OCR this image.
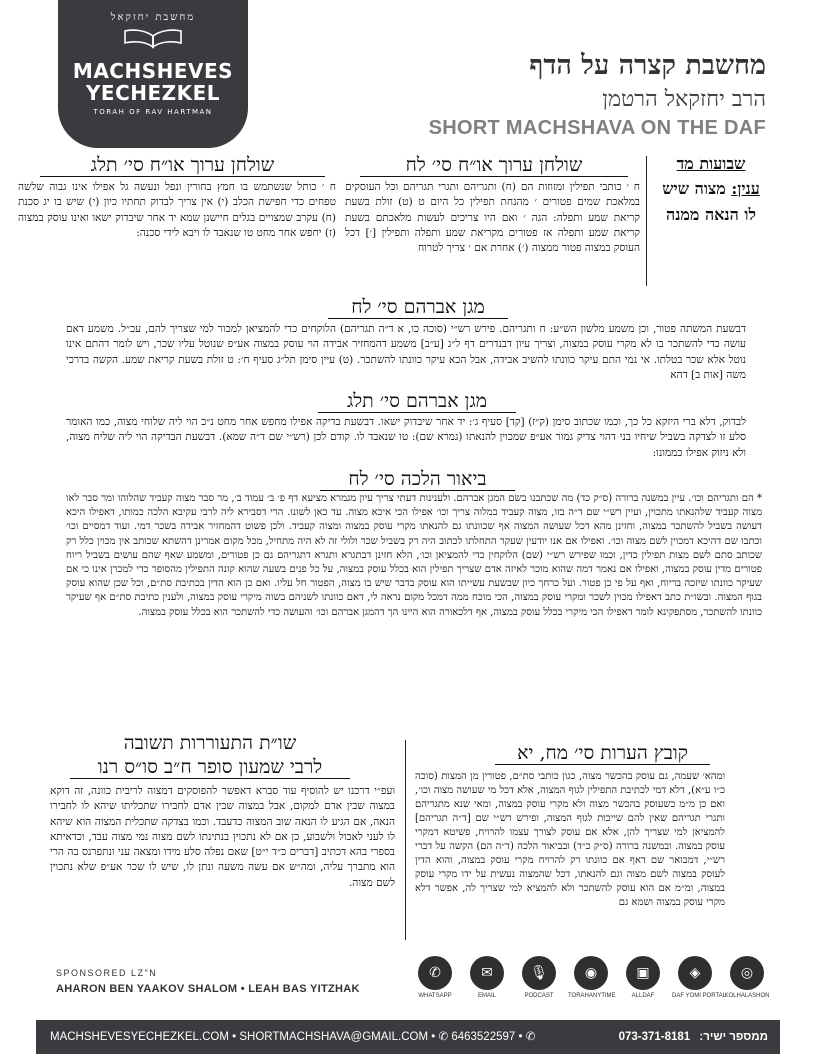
מחשבת יחזקאל
MACHSHEVES
YECHEZKEL
TORAH OF RAV HARTMAN
מחשבת קצרה על הדף
הרב יחזקאל הרטמן
SHORT MACHSHAVA ON THE DAF
שבועות מד
ענין: מצוה שיש
לו הנאה ממנה
שולחן ערוך או״ח סי׳ לח
ח ׳ כותבי תפילין ומזוזות הם (ח) ותגריהם ותגרי תגריהם וכל העוסקים במלאכת שמים פטורים ׳ מהנחת תפילין כל היום ט (ט) זולת בשעת קריאת שמע ותפלה: הגה ׳ ואם היו צריכים לעשות מלאכתם בשעת קריאת שמע ותפלה אז פטורים מקריאת שמע ותפלה ותפילין [׳] דכל העוסק במצוה פטור ממצוה (׳) אחרת אם ׳ צריך לטרוח
שולחן ערוך או״ח סי׳ תלג
ח ׳ כותל שנשתמש בו חמץ בחורין ונפל ונעשה גל אפילו אינו גבוה שלשה טפחים כדי חפישת הכלב (י) אין צריך לבדוק תחתיו כיון (י) שיש בו יג סכנת (ח) עקרב שמצויים בגלים חיישנן שמא יד אחר שיבדוק ישאו ואינו עוסק במצוה (ז) יחפש אחר מחט טו שנאבד לו ויבא לידי סכנה:
מגן אברהם סי׳ לח
דבשעת המשתה פטור, וכן משמע מלשון הש״ע: ח ותגריהם. פירש רש״י (סוכה כו, א ד״ה תגריהם) הלוקחים כדי להמציאן למכור למי שצריך להם, עכ״ל. משמע דאם עושה כדי להשתכר בו לא מקרי עוסק במצוה, וצריך עיון דבנדרים דף ל״ג [ע״ב] משמע דהמחזיר אבידה הוי עוסק במצוה אע״פ שנוטל עליו שכר, ויש לומר דהתם אינו נוטל אלא שכר בטלתו. אי נמי התם עיקר כוונתו להשיב אבידה, אבל הכא עיקר כוונתו להשתכר. (ט) עיין סימן תל״ג סעיף ח׳: ט זולת בשעת קריאת שמע. הקשה בדרכי משה [אות ב] דהא
מגן אברהם סי׳ תלג
לבדוק, דלא ברי היזקא כל כך, וכמו שכתוב סימן (ק״ז) [קד] סעיף ג׳: יד אחר שיבדוק ישאו. דבשעת בדיקה אפילו מחפש אחר מחט נ״כ הוי ליה שלוחי מצוה, כמו האומר סלע זו לצדקה בשביל שיחיו בני דהוי צדיק גמור אע״פ שמכוין להנאתו (גמרא שם): טו שנאבד לו. קודם לכן (רש״י שם ד״ה שמא). דבשעת הבדיקה הוי ליה שליח מצוה, ולא ניזוק אפילו כממונו:
ביאור הלכה סי׳ לח
* הם ותגריהם וכו׳. עיין במשנה ברורה (ס״ק כד) מה שכתבנו בשם המגן אברהם. ולענינות דעתי צריך עיון מגמרא מציעא דף פ׳ ב׳ עמוד ב׳, מר סבר מצוה קעביד שהלוהו ומר סבר לאו מצוה קעביד שלהנאתו מתכוין, ועיין רש״י שם ד״ה בזו, מצוה קעביד במלוה צריך וכו׳ אפילו הכי איכא מצוה. עד כאן לשונו. הרי דסבירא ליה לרבי עקיבא הלכה כמותו, דאפילו היכא דעושה בשביל להשתכר במצוה, וחזינן מהא דכל שעושה המצוה אף שכוונתו גם להנאתו מקרי עוסק במצוה ומצוה קעביד. ולכן פשוט דהמחזיר אבידה בשכר דמי. ועוד דמסיים וכו׳ וכתבו שם דהיכא דמכוין לשם מצוה וכו׳. ואפילו אם אנו יודעין שעקר התחלתו לכתוב היה רק בשביל שכר ולולי זה לא היה מתחיל, מכל מקום אמרינן דהשתא שכותב אין מכוין כלל רק שכותב סתם לשם מצות תפילין כדין, וכמו שפירש רש״י (שם) הלוקחין כדי להמציאן וכו׳, הלא חזינן דבתגרא ותגרא דתגריהם גם כן פטורים, ומשמע שאף שהם עושים בשביל ריוח פטורים מדין עוסק במצוה, ואפילו אם נאמר דמה שהוא מוכר לאיזה אדם שצריך תפילין הוא בכלל עוסק במצוה, על כל פנים בשעה שהוא קונה התפילין מהסופר כדי למכרן אינו כי אם שעיקר כוונתו שיזכה בריוח, ואף על פי כן פטור. ועל כרחך כיון שבשעת עשייתו הוא עוסק בדבר שיש בו מצוה, הפטור חל עליו. ואם כן הוא הדין בכתיבת סת״ם, וכל שכן שהוא עוסק בגוף המצוה. ובשו״ת כתב דאפילו מכוין לשכר ומקרי עוסק במצוה, הכי מוכח ממה דמכל מקום נראה לי, דאם כוונתו לשניהם בשוה מיקרי עוסק במצוה, ולענין כתיבת סת״ם אף שעיקר כוונתו להשתכר, מסתפקינא לומר דאפילו הכי מיקרי בכלל עוסק במצוה, אף דלכאורה הוא היינו הך דהמגן אברהם וכו׳ והעושה כדי להשתכר הוא בכלל עוסק במצוה.
שו״ת התעוררות תשובה
לרבי שמעון סופר ח״ב סו״ס רנו
ועפ״י דרכנו יש להוסיף עוד סברא דאפשר להפוסקים דמצוה לריבית כוונה, זה דוקא במצוה שבין אדם למקום, אבל במצוה שבין אדם לחבירו שתכליתו שיהא לו לחבירו הנאה, אם הגיע לו הנאה שוב המצוה כדעבד. וכמו בצדקה שתכלית המצוה הוא שיהא לו לעני לאכול ולשבוע, כן אם לא נתכוין בנתינתו לשם מצוה נמי מצוה עבד, וכדאיתא בספרי בהא דכתיב [דברים כ״ד י״ט] שאם נפלה סלע מידו ומצאה עני ונתפרנס בה הרי הוא מתברך עליה, ומה״ש אם עשה משעה ונתן לו, שיש לו שכר אע״פ שלא נתכוין לשם מצוה.
קובץ הערות סי׳ מח, יא
ומהא׳ שעמה, גם עוסק בהכשר מצוה, כגון כותבי סת״ם, פטורין מן המצות (סוכה כ״ו ע״א), דלא דמי לכתיבת התפילין לגוף המצוה, אלא דכל מי שעושה מצוה וכו׳, ואם כן מ״מ כשעוסק בהכשר מצוה ולא מקרי עוסק במצוה, ומאי שנא מתגריהם ותגרי תגריהם שאין להם שייכות לגוף המצוה, ופירש רש״י שם [ד״ה תגריהם] להמציאן למי שצריך להן, אלא אם עוסק לצורך עצמו להרויח, פשיטא דמקרי עוסק במצוה. ובמשנה ברורה (ס״ק כ״ד) ובביאור הלכה (ד״ה הם) הקשה על דברי רש״י, דמבואר שם דאף אם כוונתו רק להרויח מקרי עוסק במצוה, והוא הדין לעוסק במצוה לשם מצוה וגם להנאתו, דכל שהמצוה נעשית על ידו מקרי עוסק במצוה, ומ״מ אם הוא עוסק להשתכר ולא להמציא למי שצריך לה, אפשר דלא מקרי עוסק במצוה ושמא גם
SPONSORED LZ"N
AHARON BEN YAAKOV SHALOM • LEAH BAS YITZHAK
✆
WHATSAPP
✉
EMAIL
🎙
PODCAST
◉
TORAHANYTIME
▣
ALLDAF
◈
DAF YOMI PORTAL
◎
KOLHALASHON
MACHSHEVESYECHEZKEL.COM • SHORTMACHSHAVA@GMAIL.COM • ✆ 6463522597 • ✆	ממספר ישיר: 073-371-8181
